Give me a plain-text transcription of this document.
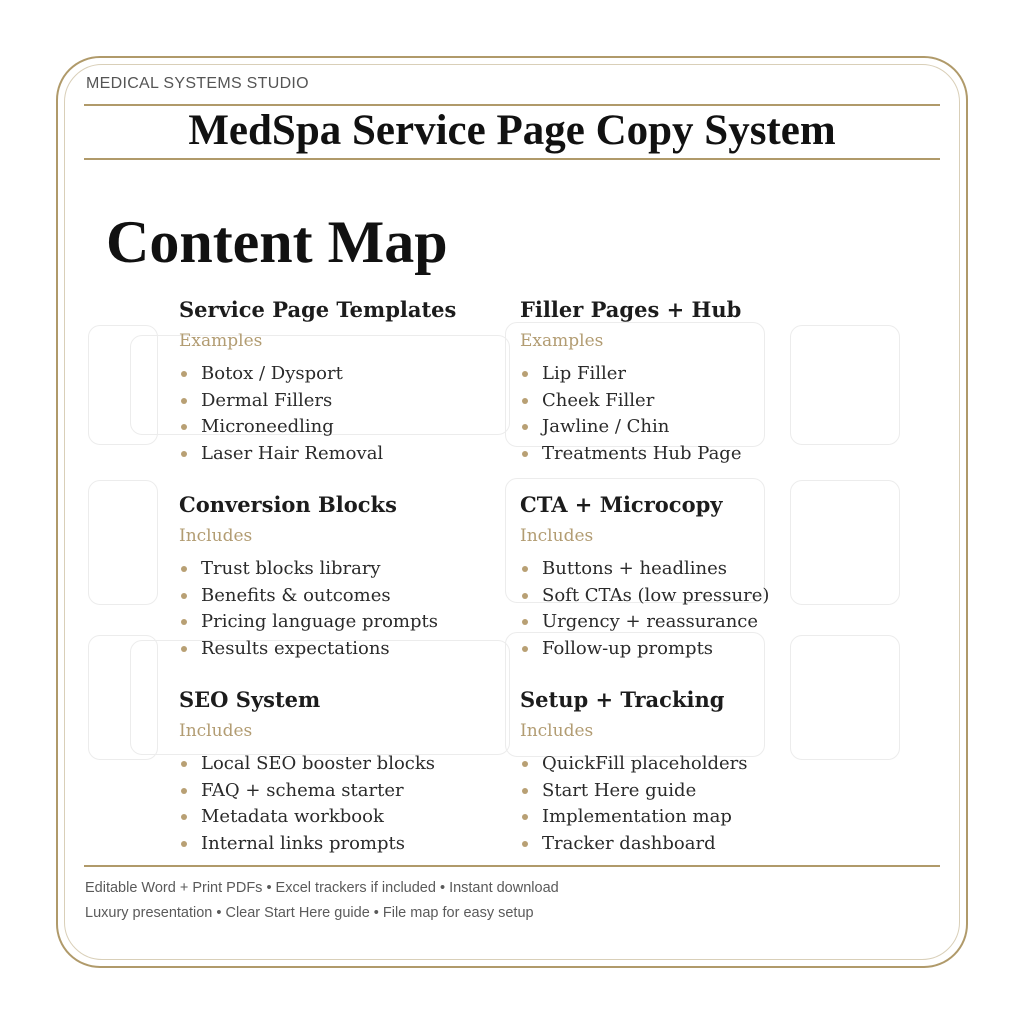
MEDICAL SYSTEMS STUDIO
MedSpa Service Page Copy System
Content Map
Service Page Templates
Examples
Botox / Dysport
Dermal Fillers
Microneedling
Laser Hair Removal
Filler Pages + Hub
Examples
Lip Filler
Cheek Filler
Jawline / Chin
Treatments Hub Page
Conversion Blocks
Includes
Trust blocks library
Benefits & outcomes
Pricing language prompts
Results expectations
CTA + Microcopy
Includes
Buttons + headlines
Soft CTAs (low pressure)
Urgency + reassurance
Follow-up prompts
SEO System
Includes
Local SEO booster blocks
FAQ + schema starter
Metadata workbook
Internal links prompts
Setup + Tracking
Includes
QuickFill placeholders
Start Here guide
Implementation map
Tracker dashboard
Editable Word + Print PDFs • Excel trackers if included • Instant download
Luxury presentation • Clear Start Here guide • File map for easy setup
